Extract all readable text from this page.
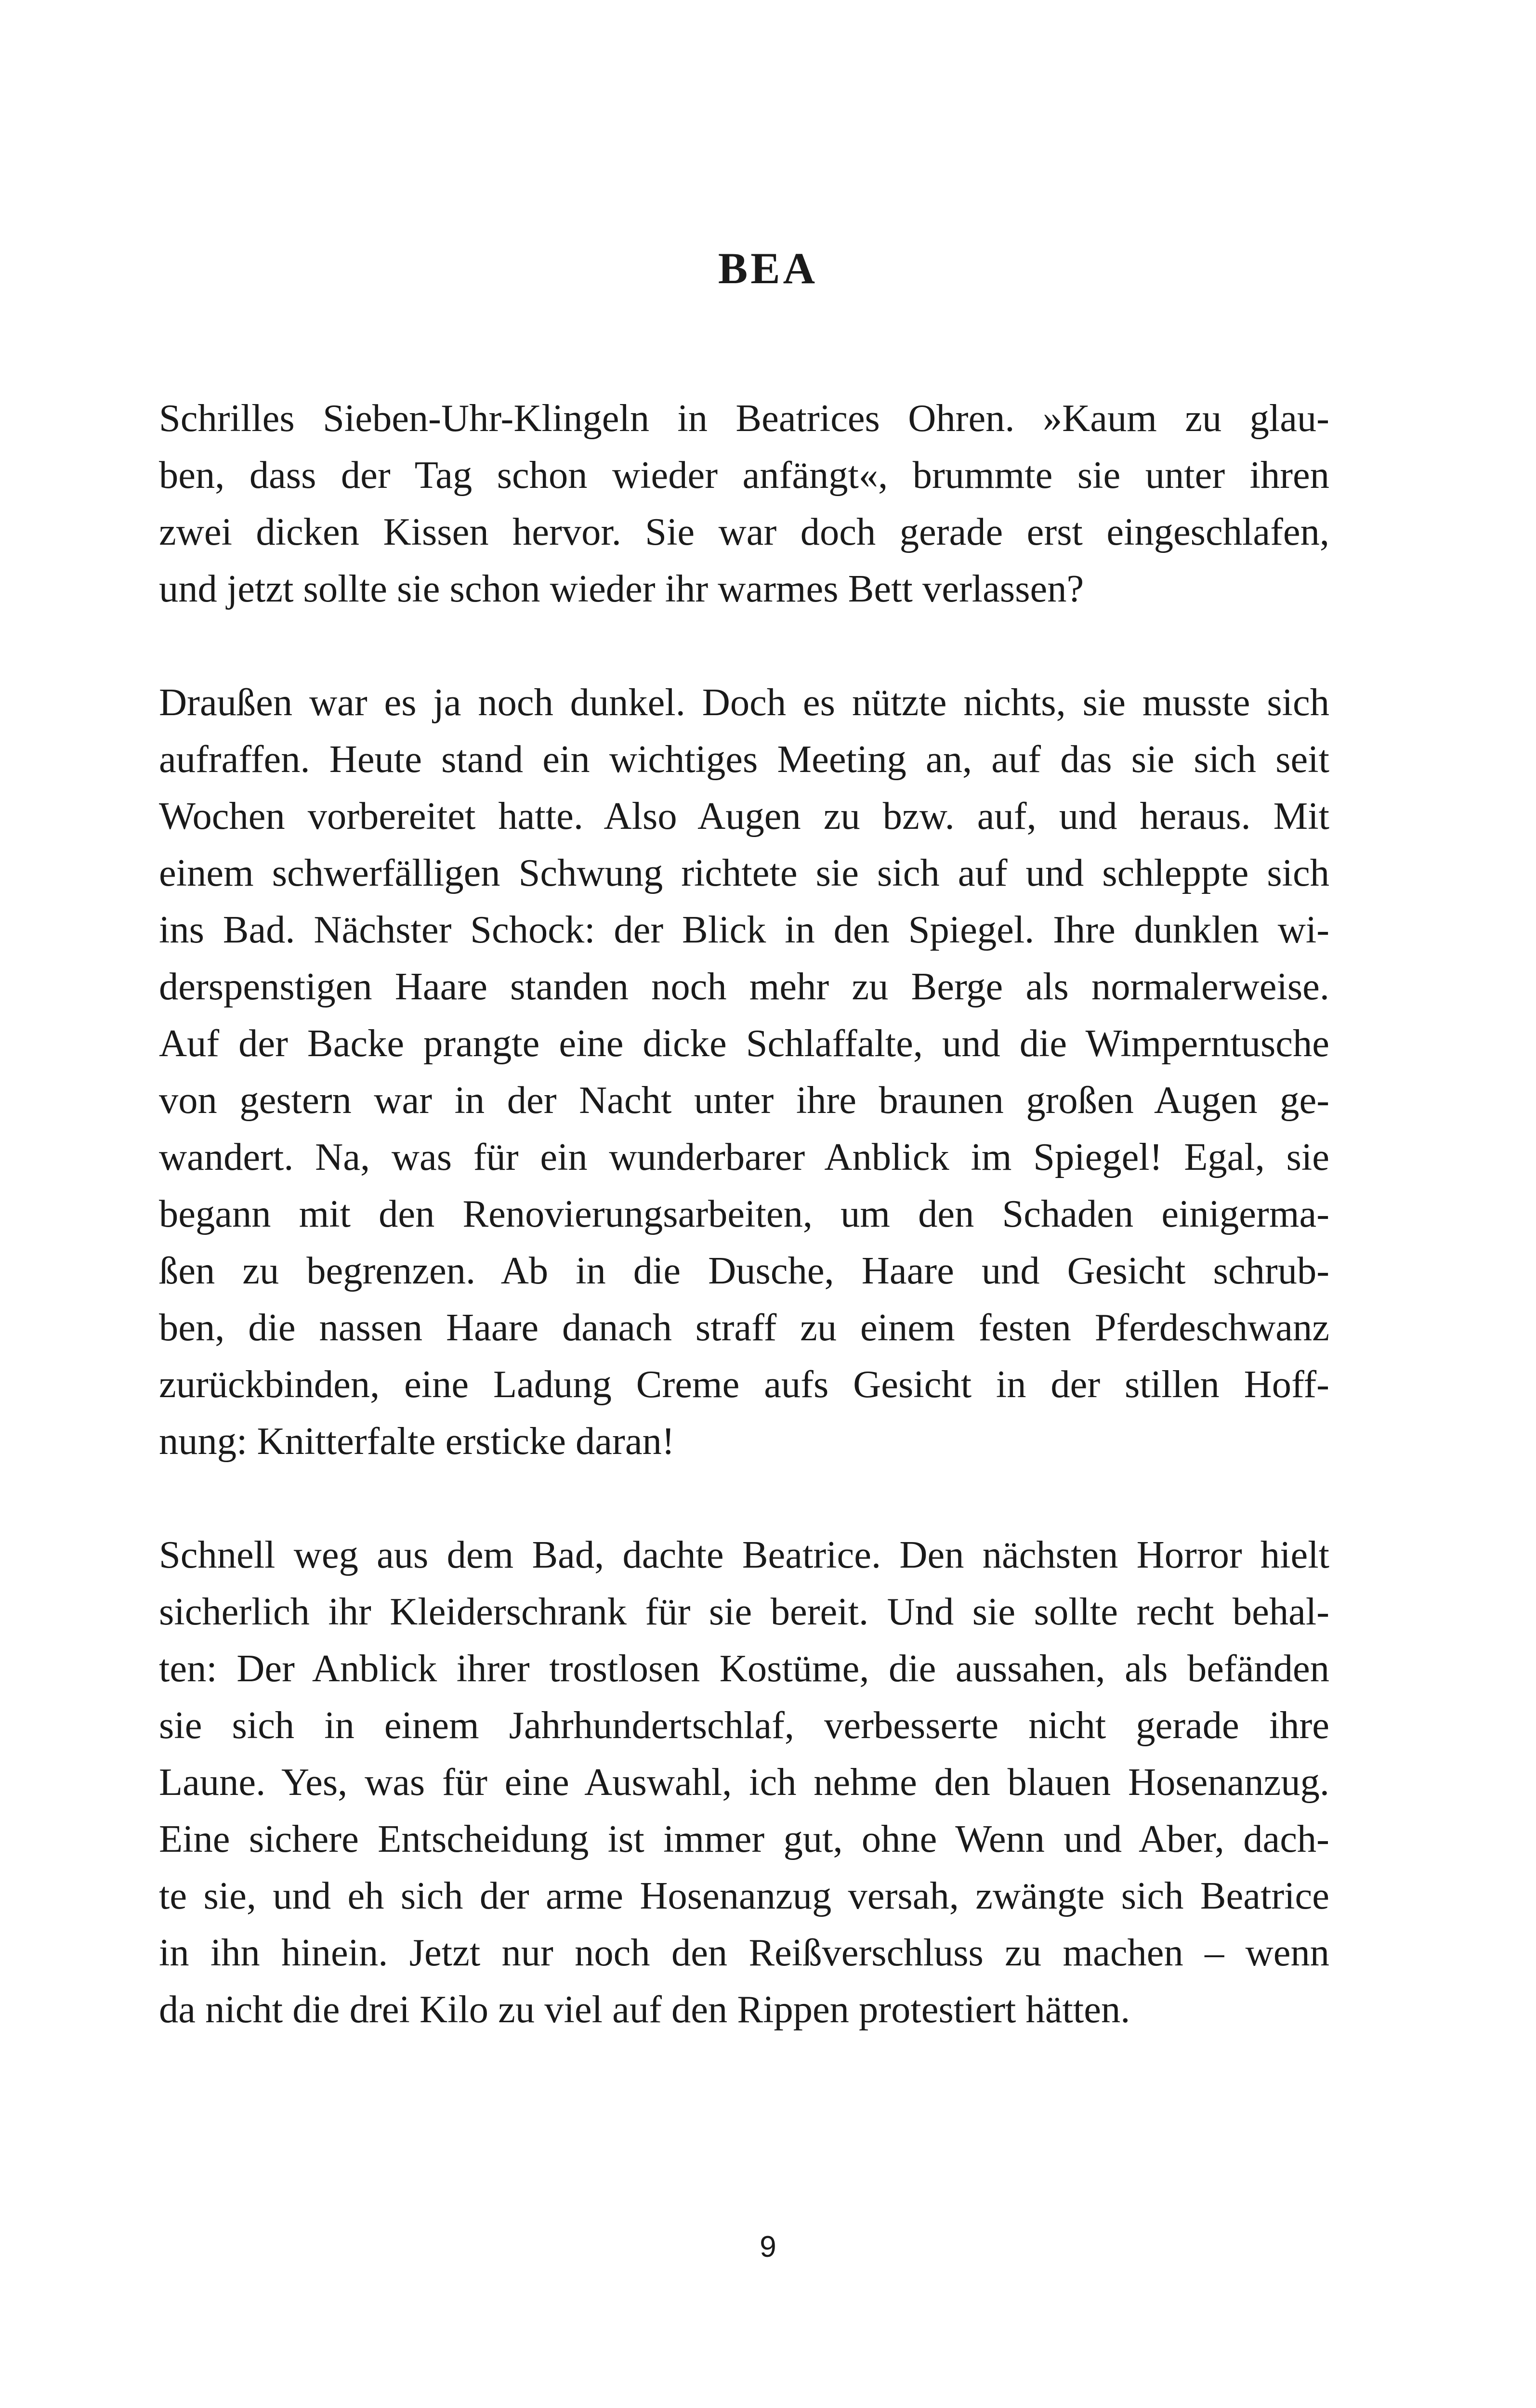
BEA

Schrilles Sieben-Uhr-Klingeln in Beatrices Ohren. »Kaum zu glau-
ben, dass der Tag schon wieder anfängt«, brummte sie unter ihren
zwei dicken Kissen hervor. Sie war doch gerade erst eingeschlafen,
und jetzt sollte sie schon wieder ihr warmes Bett verlassen?

Draußen war es ja noch dunkel. Doch es nützte nichts, sie musste sich
aufraffen. Heute stand ein wichtiges Meeting an, auf das sie sich seit
Wochen vorbereitet hatte. Also Augen zu bzw. auf, und heraus. Mit
einem schwerfälligen Schwung richtete sie sich auf und schleppte sich
ins Bad. Nächster Schock: der Blick in den Spiegel. Ihre dunklen wi-
derspenstigen Haare standen noch mehr zu Berge als normalerweise.
Auf der Backe prangte eine dicke Schlaffalte, und die Wimperntusche
von gestern war in der Nacht unter ihre braunen großen Augen ge-
wandert. Na, was für ein wunderbarer Anblick im Spiegel! Egal, sie
begann mit den Renovierungsarbeiten, um den Schaden einigerma-
ßen zu begrenzen. Ab in die Dusche, Haare und Gesicht schrub-
ben, die nassen Haare danach straff zu einem festen Pferdeschwanz
zurückbinden, eine Ladung Creme aufs Gesicht in der stillen Hoff-
nung: Knitterfalte ersticke daran!

Schnell weg aus dem Bad, dachte Beatrice. Den nächsten Horror hielt
sicherlich ihr Kleiderschrank für sie bereit. Und sie sollte recht behal-
ten: Der Anblick ihrer trostlosen Kostüme, die aussahen, als befänden
sie sich in einem Jahrhundertschlaf, verbesserte nicht gerade ihre
Laune. Yes, was für eine Auswahl, ich nehme den blauen Hosenanzug.
Eine sichere Entscheidung ist immer gut, ohne Wenn und Aber, dach-
te sie, und eh sich der arme Hosenanzug versah, zwängte sich Beatrice
in ihn hinein. Jetzt nur noch den Reißverschluss zu machen – wenn
da nicht die drei Kilo zu viel auf den Rippen protestiert hätten.

9
